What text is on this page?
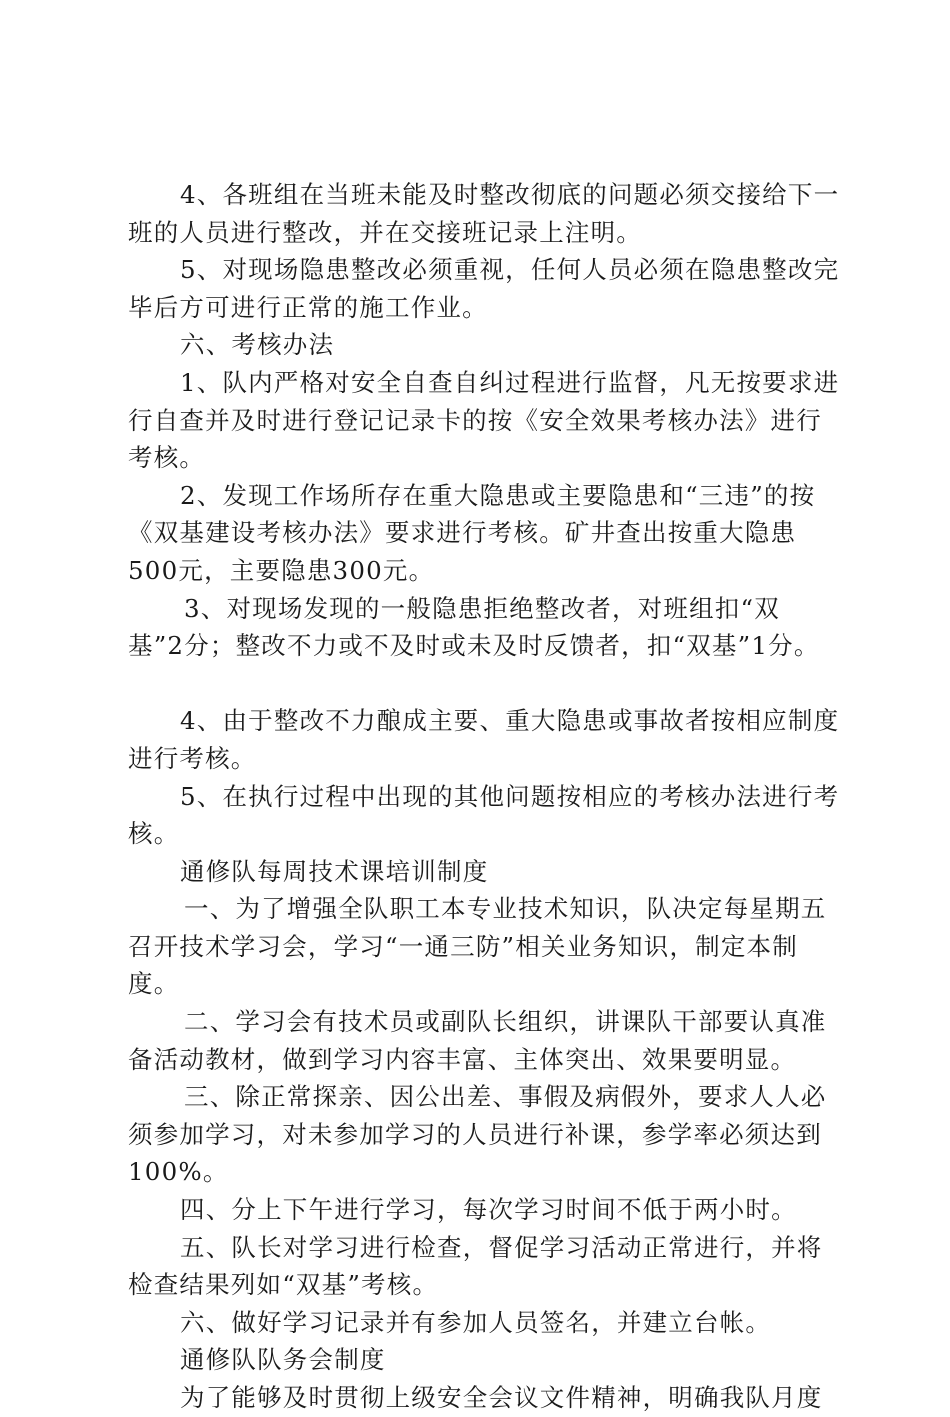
4、各班组在当班未能及时整改彻底的问题必须交接给下一
班的人员进行整改，并在交接班记录上注明。
5、对现场隐患整改必须重视，任何人员必须在隐患整改完
毕后方可进行正常的施工作业。
六、考核办法
1、队内严格对安全自查自纠过程进行监督，凡无按要求进
行自查并及时进行登记记录卡的按《安全效果考核办法》进行
考核。
2、发现工作场所存在重大隐患或主要隐患和“三违”的按
《双基建设考核办法》要求进行考核。矿井查出按重大隐患
500元，主要隐患300元。
3、对现场发现的一般隐患拒绝整改者，对班组扣“双
基”2分；整改不力或不及时或未及时反馈者，扣“双基”1分。
4、由于整改不力酿成主要、重大隐患或事故者按相应制度
进行考核。
5、在执行过程中出现的其他问题按相应的考核办法进行考
核。
通修队每周技术课培训制度
一、为了增强全队职工本专业技术知识，队决定每星期五
召开技术学习会，学习“一通三防”相关业务知识，制定本制
度。
二、学习会有技术员或副队长组织，讲课队干部要认真准
备活动教材，做到学习内容丰富、主体突出、效果要明显。
三、除正常探亲、因公出差、事假及病假外，要求人人必
须参加学习，对未参加学习的人员进行补课，参学率必须达到
100%。
四、分上下午进行学习，每次学习时间不低于两小时。
五、队长对学习进行检查，督促学习活动正常进行，并将
检查结果列如“双基”考核。
六、做好学习记录并有参加人员签名，并建立台帐。
通修队队务会制度
为了能够及时贯彻上级安全会议文件精神，明确我队月度
